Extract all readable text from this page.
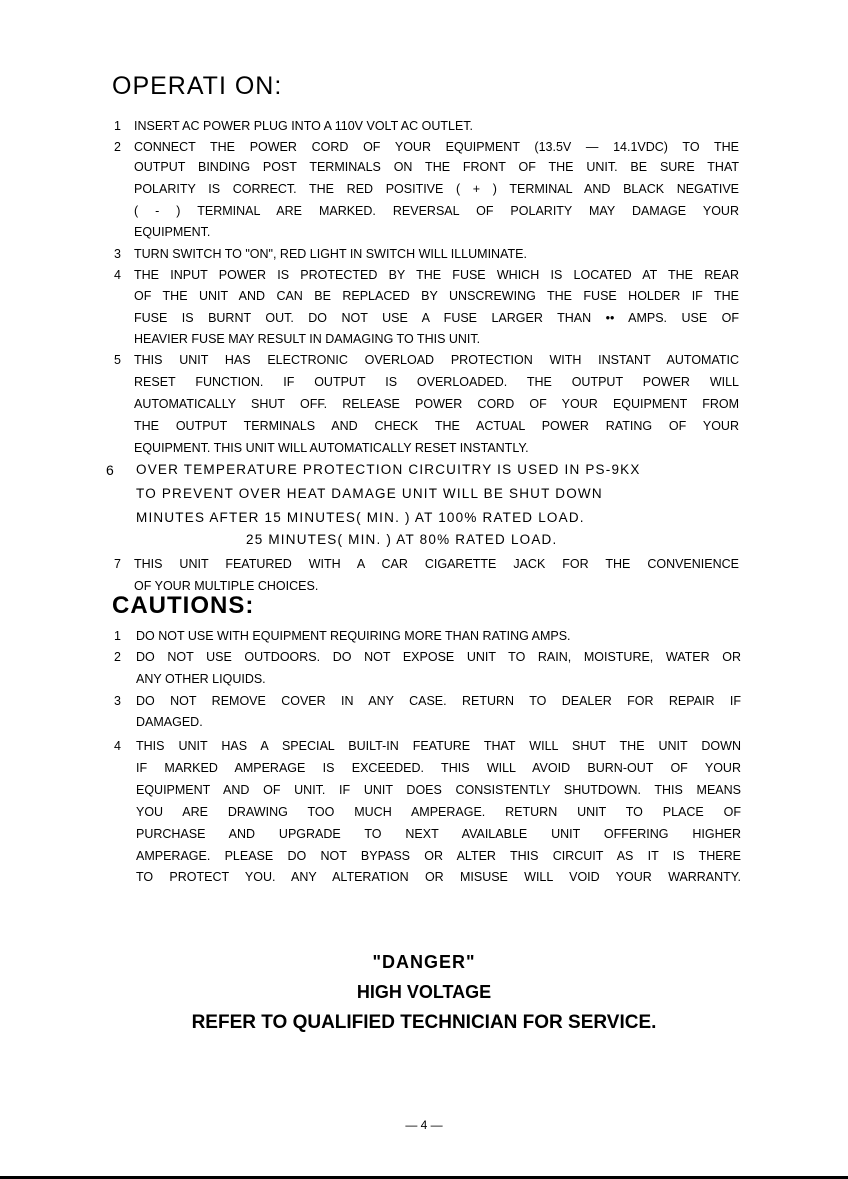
OPERATI ON:
1	INSERT AC POWER PLUG INTO A 110V VOLT AC OUTLET.
2	CONNECT THE POWER CORD OF YOUR EQUIPMENT (13.5V — 14.1VDC) TO THE
OUTPUT BINDING POST TERMINALS ON THE FRONT OF THE UNIT. BE SURE THAT
POLARITY IS CORRECT. THE RED POSITIVE ( + ) TERMINAL AND BLACK NEGATIVE
( - ) TERMINAL ARE MARKED. REVERSAL OF POLARITY MAY DAMAGE YOUR
EQUIPMENT.
3	TURN SWITCH TO "ON", RED LIGHT IN SWITCH WILL ILLUMINATE.
4	THE INPUT POWER IS PROTECTED BY THE FUSE WHICH IS LOCATED AT THE REAR
OF THE UNIT AND CAN BE REPLACED BY UNSCREWING THE FUSE HOLDER IF THE
FUSE IS BURNT OUT. DO NOT USE A FUSE LARGER THAN •• AMPS. USE OF
HEAVIER FUSE MAY RESULT IN DAMAGING TO THIS UNIT.
5	THIS UNIT HAS ELECTRONIC OVERLOAD PROTECTION WITH INSTANT AUTOMATIC
RESET FUNCTION. IF OUTPUT IS OVERLOADED. THE OUTPUT POWER WILL
AUTOMATICALLY SHUT OFF. RELEASE POWER CORD OF YOUR EQUIPMENT FROM
THE OUTPUT TERMINALS AND CHECK THE ACTUAL POWER RATING OF YOUR
EQUIPMENT. THIS UNIT WILL AUTOMATICALLY RESET INSTANTLY.
6	OVER TEMPERATURE PROTECTION CIRCUITRY IS USED IN PS-9KX
TO PREVENT OVER HEAT DAMAGE UNIT WILL BE SHUT DOWN
MINUTES AFTER 15 MINUTES( MIN. ) AT 100% RATED LOAD.
25 MINUTES( MIN. ) AT 80% RATED LOAD.
7	THIS UNIT FEATURED WITH A CAR CIGARETTE JACK FOR THE CONVENIENCE
OF YOUR MULTIPLE CHOICES.
CAUTIONS:
1	DO NOT USE WITH EQUIPMENT REQUIRING MORE THAN RATING AMPS.
2	DO NOT USE OUTDOORS. DO NOT EXPOSE UNIT TO RAIN, MOISTURE, WATER OR
ANY OTHER LIQUIDS.
3	DO NOT REMOVE COVER IN ANY CASE. RETURN TO DEALER FOR REPAIR IF
DAMAGED.
4	THIS UNIT HAS A SPECIAL BUILT-IN FEATURE THAT WILL SHUT THE UNIT DOWN
IF MARKED AMPERAGE IS EXCEEDED. THIS WILL AVOID BURN-OUT OF YOUR
EQUIPMENT AND OF UNIT. IF UNIT DOES CONSISTENTLY SHUTDOWN. THIS MEANS
YOU ARE DRAWING TOO MUCH AMPERAGE. RETURN UNIT TO PLACE OF
PURCHASE AND UPGRADE TO NEXT AVAILABLE UNIT OFFERING HIGHER
AMPERAGE. PLEASE DO NOT BYPASS OR ALTER THIS CIRCUIT AS IT IS THERE
TO PROTECT YOU. ANY ALTERATION OR MISUSE WILL VOID YOUR WARRANTY.
"DANGER"
HIGH VOLTAGE
REFER TO QUALIFIED TECHNICIAN FOR SERVICE.
— 4 —
